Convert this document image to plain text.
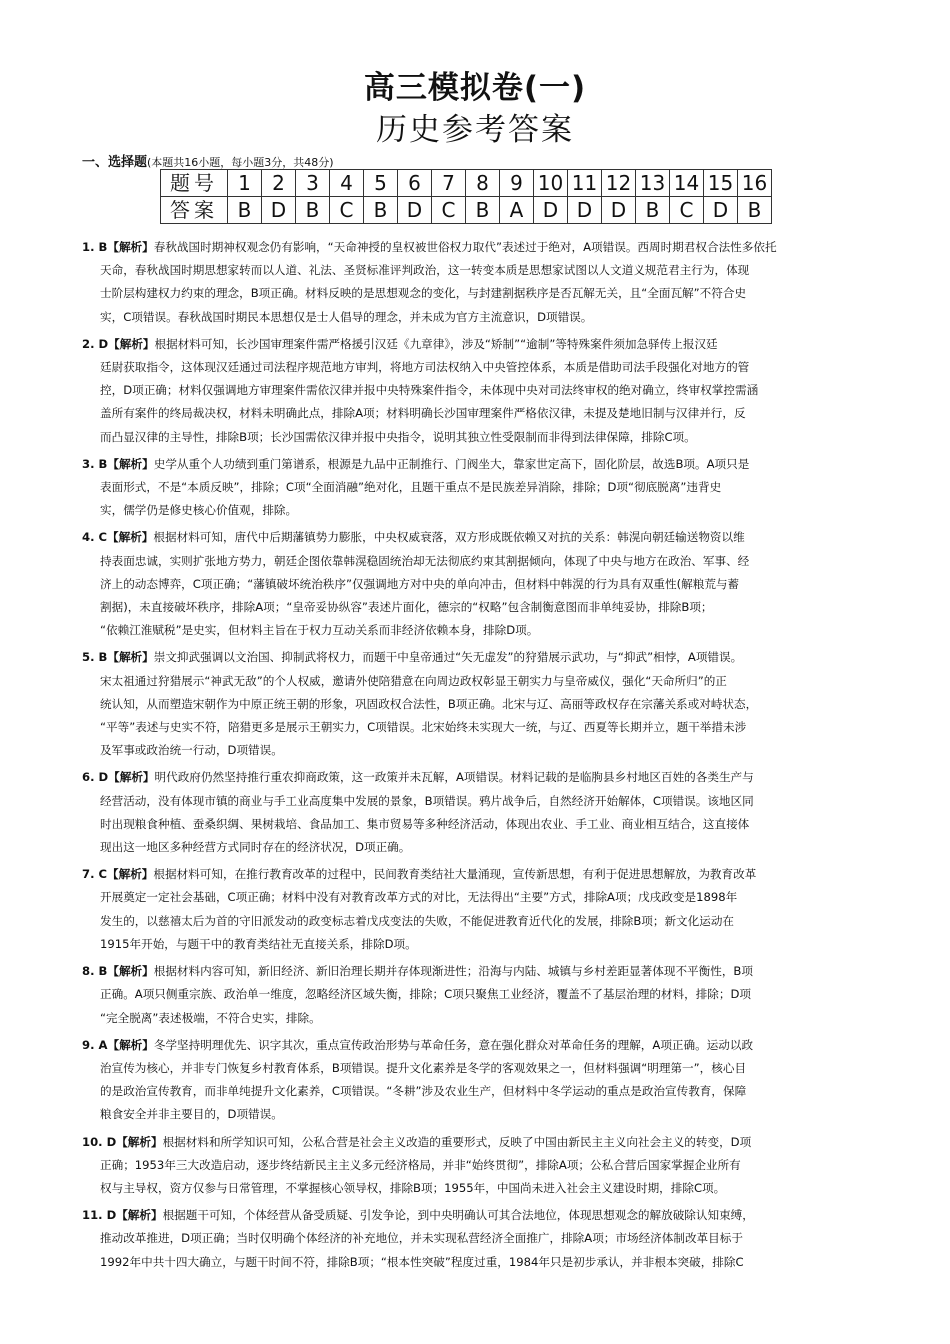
高三模拟卷(一)
历史参考答案
一、选择题(本题共16小题，每小题3分，共48分)
题号	1	2	3	4	5	6	7	8	9	10	11	12	13	14	15	16
答案	B	D	B	C	B	D	C	B	A	D	D	D	B	C	D	B
1. B【解析】春秋战国时期神权观念仍有影响，“天命神授的皇权被世俗权力取代”表述过于绝对，A项错误。西周时期君权合法性多依托
天命，春秋战国时期思想家转而以人道、礼法、圣贤标准评判政治，这一转变本质是思想家试图以人文道义规范君主行为，体现
士阶层构建权力约束的理念，B项正确。材料反映的是思想观念的变化，与封建割据秩序是否瓦解无关，且“全面瓦解”不符合史
实，C项错误。春秋战国时期民本思想仅是士人倡导的理念，并未成为官方主流意识，D项错误。
2. D【解析】根据材料可知，长沙国审理案件需严格援引汉廷《九章律》，涉及“矫制”“逾制”等特殊案件须加急驿传上报汉廷
廷尉获取指令，这体现汉廷通过司法程序规范地方审判，将地方司法权纳入中央管控体系，本质是借助司法手段强化对地方的管
控，D项正确；材料仅强调地方审理案件需依汉律并报中央特殊案件指令，未体现中央对司法终审权的绝对确立，终审权掌控需涵
盖所有案件的终局裁决权，材料未明确此点，排除A项；材料明确长沙国审理案件严格依汉律，未提及楚地旧制与汉律并行，反
而凸显汉律的主导性，排除B项；长沙国需依汉律并报中央指令，说明其独立性受限制而非得到法律保障，排除C项。
3. B【解析】史学从重个人功绩到重门第谱系，根源是九品中正制推行、门阀坐大，靠家世定高下，固化阶层，故选B项。A项只是
表面形式，不是“本质反映”，排除；C项“全面消融”绝对化，且题干重点不是民族差异消除，排除；D项“彻底脱离”违背史
实，儒学仍是修史核心价值观，排除。
4. C【解析】根据材料可知，唐代中后期藩镇势力膨胀，中央权威衰落，双方形成既依赖又对抗的关系：韩滉向朝廷输送物资以维
持表面忠诚，实则扩张地方势力，朝廷企图依靠韩滉稳固统治却无法彻底约束其割据倾向，体现了中央与地方在政治、军事、经
济上的动态博弈，C项正确；“藩镇破坏统治秩序”仅强调地方对中央的单向冲击，但材料中韩滉的行为具有双重性(解粮荒与蓄
割据)，未直接破坏秩序，排除A项；“皇帝妥协纵容”表述片面化，德宗的“权略”包含制衡意图而非单纯妥协，排除B项；
“依赖江淮赋税”是史实，但材料主旨在于权力互动关系而非经济依赖本身，排除D项。
5. B【解析】崇文抑武强调以文治国、抑制武将权力，而题干中皇帝通过“矢无虚发”的狩猎展示武功，与“抑武”相悖，A项错误。
宋太祖通过狩猎展示“神武无敌”的个人权威，邀请外使陪猎意在向周边政权彰显王朝实力与皇帝威仪，强化“天命所归”的正
统认知，从而塑造宋朝作为中原正统王朝的形象，巩固政权合法性，B项正确。北宋与辽、高丽等政权存在宗藩关系或对峙状态，
“平等”表述与史实不符，陪猎更多是展示王朝实力，C项错误。北宋始终未实现大一统，与辽、西夏等长期并立，题干举措未涉
及军事或政治统一行动，D项错误。
6. D【解析】明代政府仍然坚持推行重农抑商政策，这一政策并未瓦解，A项错误。材料记载的是临朐县乡村地区百姓的各类生产与
经营活动，没有体现市镇的商业与手工业高度集中发展的景象，B项错误。鸦片战争后，自然经济开始解体，C项错误。该地区同
时出现粮食种植、蚕桑织绸、果树栽培、食品加工、集市贸易等多种经济活动，体现出农业、手工业、商业相互结合，这直接体
现出这一地区多种经营方式同时存在的经济状况，D项正确。
7. C【解析】根据材料可知，在推行教育改革的过程中，民间教育类结社大量涌现，宣传新思想，有利于促进思想解放，为教育改革
开展奠定一定社会基础，C项正确；材料中没有对教育改革方式的对比，无法得出“主要”方式，排除A项；戊戌政变是1898年
发生的，以慈禧太后为首的守旧派发动的政变标志着戊戌变法的失败，不能促进教育近代化的发展，排除B项；新文化运动在
1915年开始，与题干中的教育类结社无直接关系，排除D项。
8. B【解析】根据材料内容可知，新旧经济、新旧治理长期并存体现渐进性；沿海与内陆、城镇与乡村差距显著体现不平衡性，B项
正确。A项只侧重宗族、政治单一维度，忽略经济区域失衡，排除；C项只聚焦工业经济，覆盖不了基层治理的材料，排除；D项
“完全脱离”表述极端，不符合史实，排除。
9. A【解析】冬学坚持明理优先、识字其次，重点宣传政治形势与革命任务，意在强化群众对革命任务的理解，A项正确。运动以政
治宣传为核心，并非专门恢复乡村教育体系，B项错误。提升文化素养是冬学的客观效果之一，但材料强调“明理第一”，核心目
的是政治宣传教育，而非单纯提升文化素养，C项错误。“冬耕”涉及农业生产，但材料中冬学运动的重点是政治宣传教育，保障
粮食安全并非主要目的，D项错误。
10. D【解析】根据材料和所学知识可知，公私合营是社会主义改造的重要形式，反映了中国由新民主主义向社会主义的转变，D项
正确；1953年三大改造启动，逐步终结新民主主义多元经济格局，并非“始终贯彻”，排除A项；公私合营后国家掌握企业所有
权与主导权，资方仅参与日常管理，不掌握核心领导权，排除B项；1955年，中国尚未进入社会主义建设时期，排除C项。
11. D【解析】根据题干可知，个体经营从备受质疑、引发争论，到中央明确认可其合法地位，体现思想观念的解放破除认知束缚，
推动改革推进，D项正确；当时仅明确个体经济的补充地位，并未实现私营经济全面推广，排除A项；市场经济体制改革目标于
1992年中共十四大确立，与题干时间不符，排除B项；“根本性突破”程度过重，1984年只是初步承认，并非根本突破，排除C
